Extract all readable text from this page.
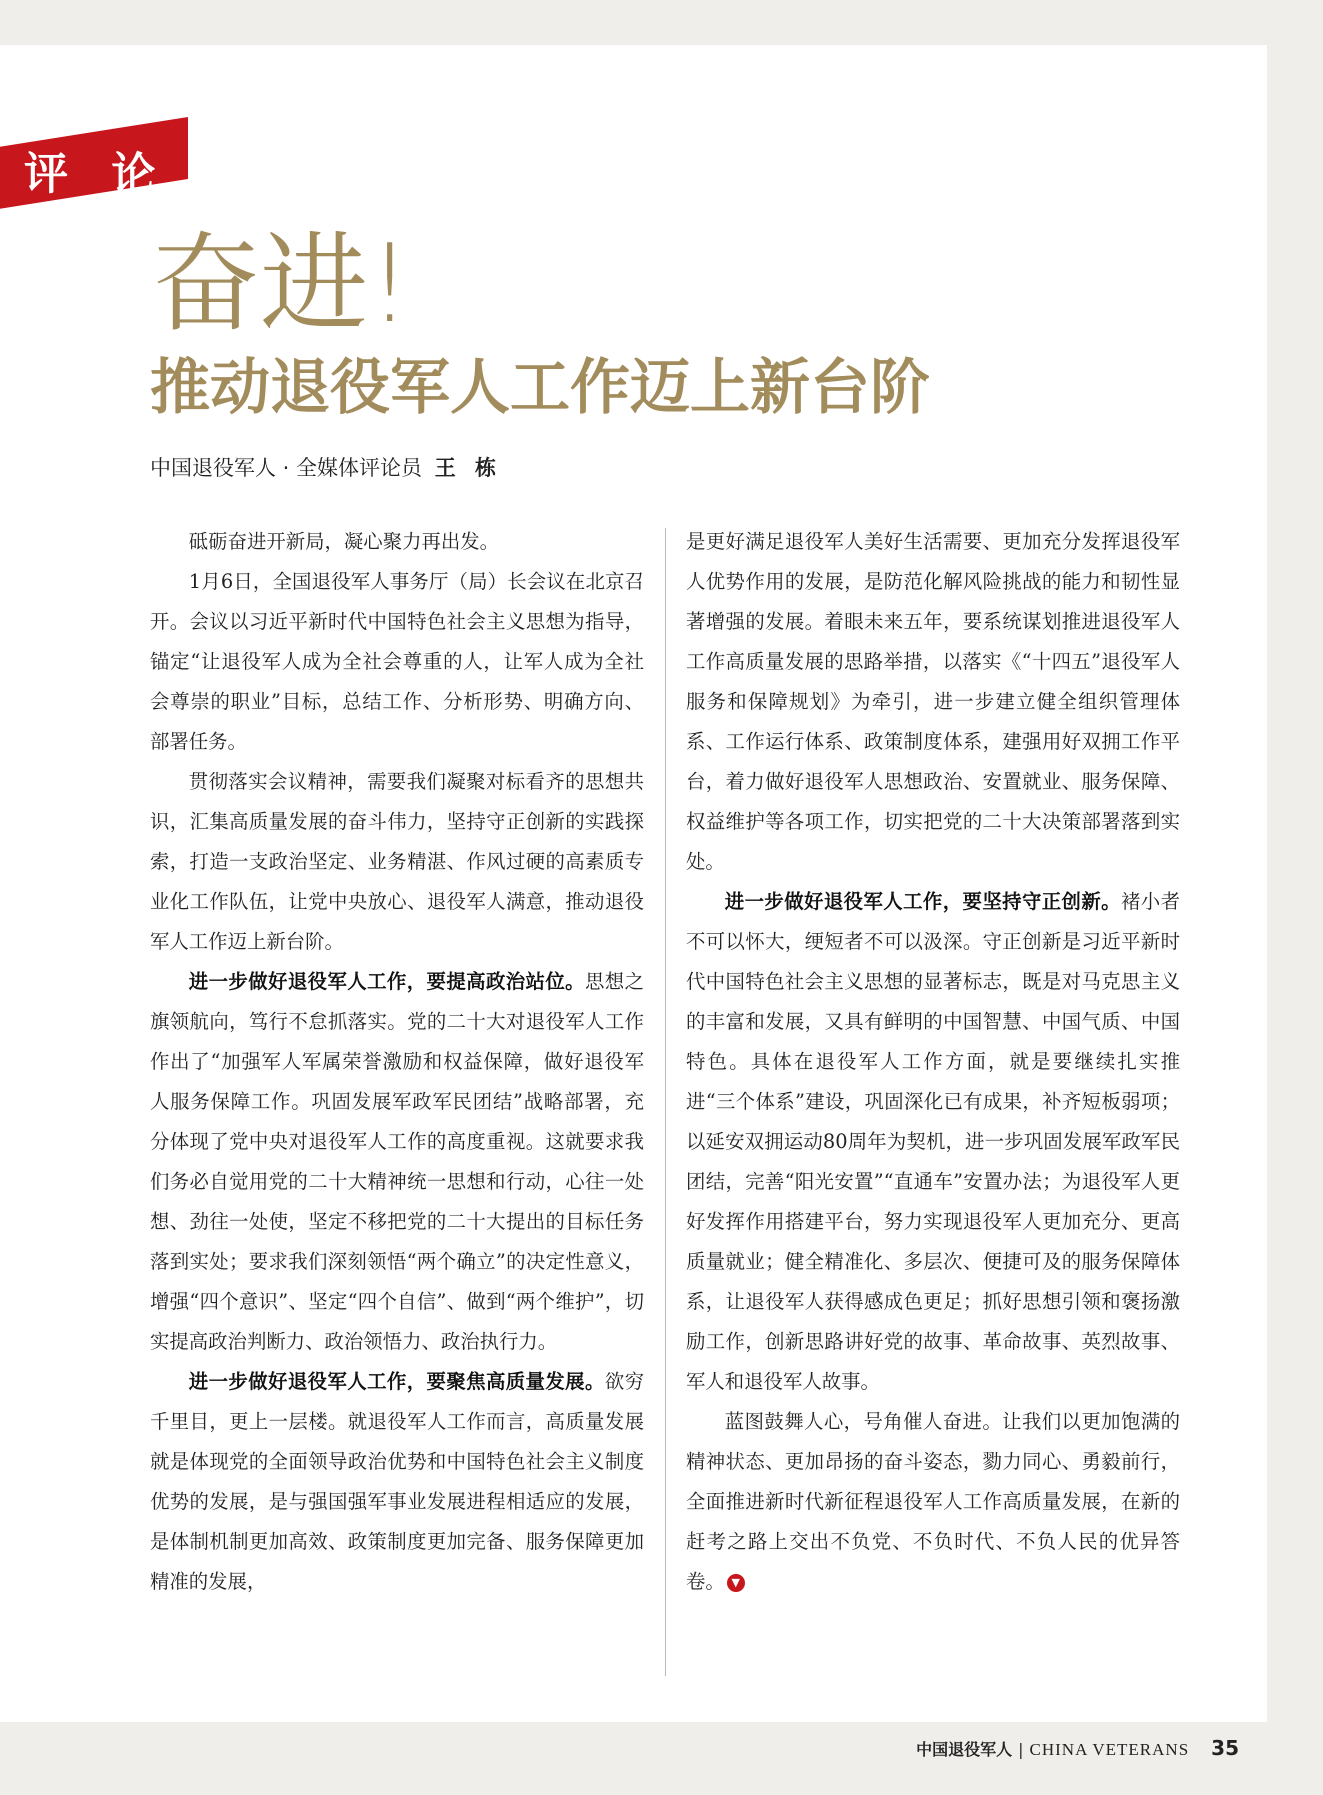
评 论
奋进!
推动退役军人工作迈上新台阶
中国退役军人 · 全媒体评论员 王 栋

砥砺奋进开新局，凝心聚力再出发。

1月6日，全国退役军人事务厅（局）长会议在北京召开。会议以习近平新时代中国特色社会主义思想为指导，锚定“让退役军人成为全社会尊重的人，让军人成为全社会尊崇的职业”目标，总结工作、分析形势、明确方向、部署任务。

贯彻落实会议精神，需要我们凝聚对标看齐的思想共识，汇集高质量发展的奋斗伟力，坚持守正创新的实践探索，打造一支政治坚定、业务精湛、作风过硬的高素质专业化工作队伍，让党中央放心、退役军人满意，推动退役军人工作迈上新台阶。

进一步做好退役军人工作，要提高政治站位。思想之旗领航向，笃行不怠抓落实。党的二十大对退役军人工作作出了“加强军人军属荣誉激励和权益保障，做好退役军人服务保障工作。巩固发展军政军民团结”战略部署，充分体现了党中央对退役军人工作的高度重视。这就要求我们务必自觉用党的二十大精神统一思想和行动，心往一处想、劲往一处使，坚定不移把党的二十大提出的目标任务落到实处；要求我们深刻领悟“两个确立”的决定性意义，增强“四个意识”、坚定“四个自信”、做到“两个维护”，切实提高政治判断力、政治领悟力、政治执行力。

进一步做好退役军人工作，要聚焦高质量发展。欲穷千里目，更上一层楼。就退役军人工作而言，高质量发展就是体现党的全面领导政治优势和中国特色社会主义制度优势的发展，是与强国强军事业发展进程相适应的发展，是体制机制更加高效、政策制度更加完备、服务保障更加精准的发展，

是更好满足退役军人美好生活需要、更加充分发挥退役军人优势作用的发展，是防范化解风险挑战的能力和韧性显著增强的发展。着眼未来五年，要系统谋划推进退役军人工作高质量发展的思路举措，以落实《“十四五”退役军人服务和保障规划》为牵引，进一步建立健全组织管理体系、工作运行体系、政策制度体系，建强用好双拥工作平台，着力做好退役军人思想政治、安置就业、服务保障、权益维护等各项工作，切实把党的二十大决策部署落到实处。

进一步做好退役军人工作，要坚持守正创新。褚小者不可以怀大，绠短者不可以汲深。守正创新是习近平新时代中国特色社会主义思想的显著标志，既是对马克思主义的丰富和发展，又具有鲜明的中国智慧、中国气质、中国特色。具体在退役军人工作方面，就是要继续扎实推进“三个体系”建设，巩固深化已有成果，补齐短板弱项；以延安双拥运动80周年为契机，进一步巩固发展军政军民团结，完善“阳光安置”“直通车”安置办法；为退役军人更好发挥作用搭建平台，努力实现退役军人更加充分、更高质量就业；健全精准化、多层次、便捷可及的服务保障体系，让退役军人获得感成色更足；抓好思想引领和褒扬激励工作，创新思路讲好党的故事、革命故事、英烈故事、军人和退役军人故事。

蓝图鼓舞人心，号角催人奋进。让我们以更加饱满的精神状态、更加昂扬的奋斗姿态，勠力同心、勇毅前行，全面推进新时代新征程退役军人工作高质量发展，在新的赶考之路上交出不负党、不负时代、不负人民的优异答卷。 ▼

中国退役军人 | CHINA VETERANS 35
